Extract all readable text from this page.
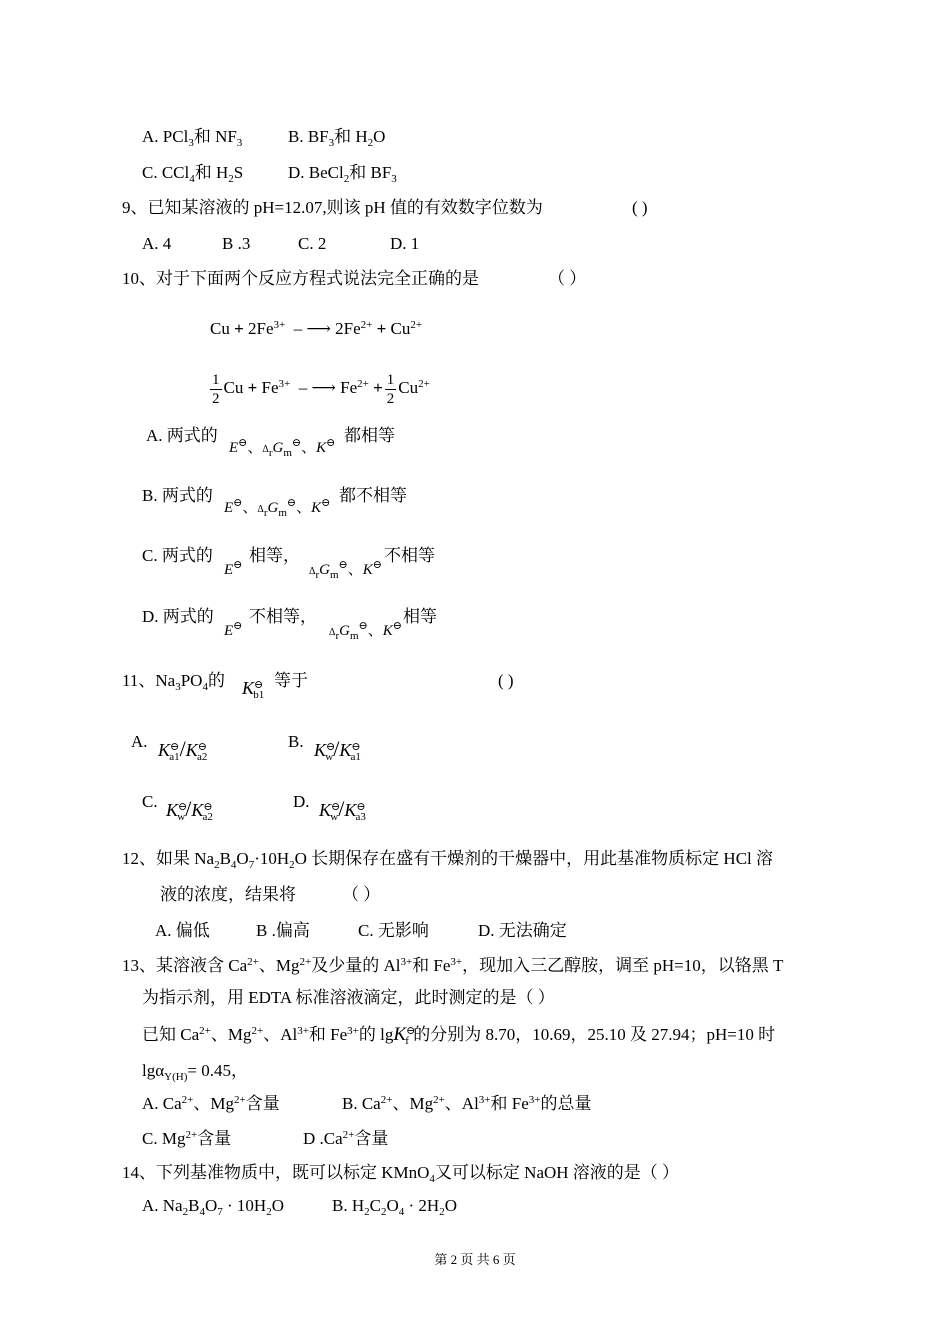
A. PCl$_3$和 $NF_3$	B. $BF_3$和 $H_2O$
C. CCl$_4$和 $H_2S$	D. BeCl$_2$和 $BF_3$
9、已知某溶液的 pH=12.07,则该 pH 值的有效数字位数为	( )
A. 4	B .3	C. 2	D. 1
10、对于下面两个反应方程式说法完全正确的是	（ ）
$Cu + 2Fe^{3+}$ – ⟶ $2Fe^{2+} + Cu^{2+}$
$\frac{1}{2}$ $Cu + Fe^{3+}$ – ⟶ $Fe^{2+} + \frac{1}{2} Cu^{2+}$
A. 两式的
E⊖、$\Delta_rG_m^⊖$、K⊖ 都相等
B. 两式的
E⊖、$\Delta_rG_m^⊖$、K⊖ 都不相等
C. 两式的
E⊖ 相等，
$\Delta_rG_m^⊖$、K⊖ 不相等
D. 两式的
E⊖ 不相等，
$\Delta_rG_m^⊖$、K⊖ 相等
11、$Na_3PO_4$的 $K^⊖_{b1}$
等于	( )
A. $K^⊖_{a1}/K^⊖_{a2}$
B. $K^⊖_w/K^⊖_{a1}$
C. $K^⊖_w/K^⊖_{a2}$
D. $K^⊖_w/K^⊖_{a3}$
12、如果 $Na_2B_4O_7\cdot 10H_2O$ 长期保存在盛有干燥剂的干燥器中，用此基准物质标定 HCl 溶
液的浓度，结果将	（ ）
A. 偏低	B .偏高	C. 无影响	D. 无法确定
13、某溶液含 $Ca^{2+}$、$Mg^{2+}$及少量的 $Al^{3+}$和 $Fe^{3+}$，现加入三乙醇胺，调至 pH=10，以铬黑 T
为指示剂，用 EDTA 标准溶液滴定，此时测定的是（ ）
已知 $Ca^{2+}$、$Mg^{2+}$、$Al^{3+}$和 $Fe^{3+}$的 lgK⊖$_f$ 的分别为 8.70，10.69，25.10 及 27.94；pH=10 时
lgα$_{Y(H)}$= 0.45，
A. $Ca^{2+}$、$Mg^{2+}$含量	B. $Ca^{2+}$、$Mg^{2+}$、$Al^{3+}$和 $Fe^{3+}$的总量
C. $Mg^{2+}$含量	D $.Ca^{2+}$含量
14、下列基准物质中，既可以标定 KMnO$_4$又可以标定 NaOH 溶液的是（ ）
A. $Na_2B_4O_7 \cdot 10H_2O$	B. $H_2C_2O_4 \cdot 2H_2O$
第 2 页 共 6 页
